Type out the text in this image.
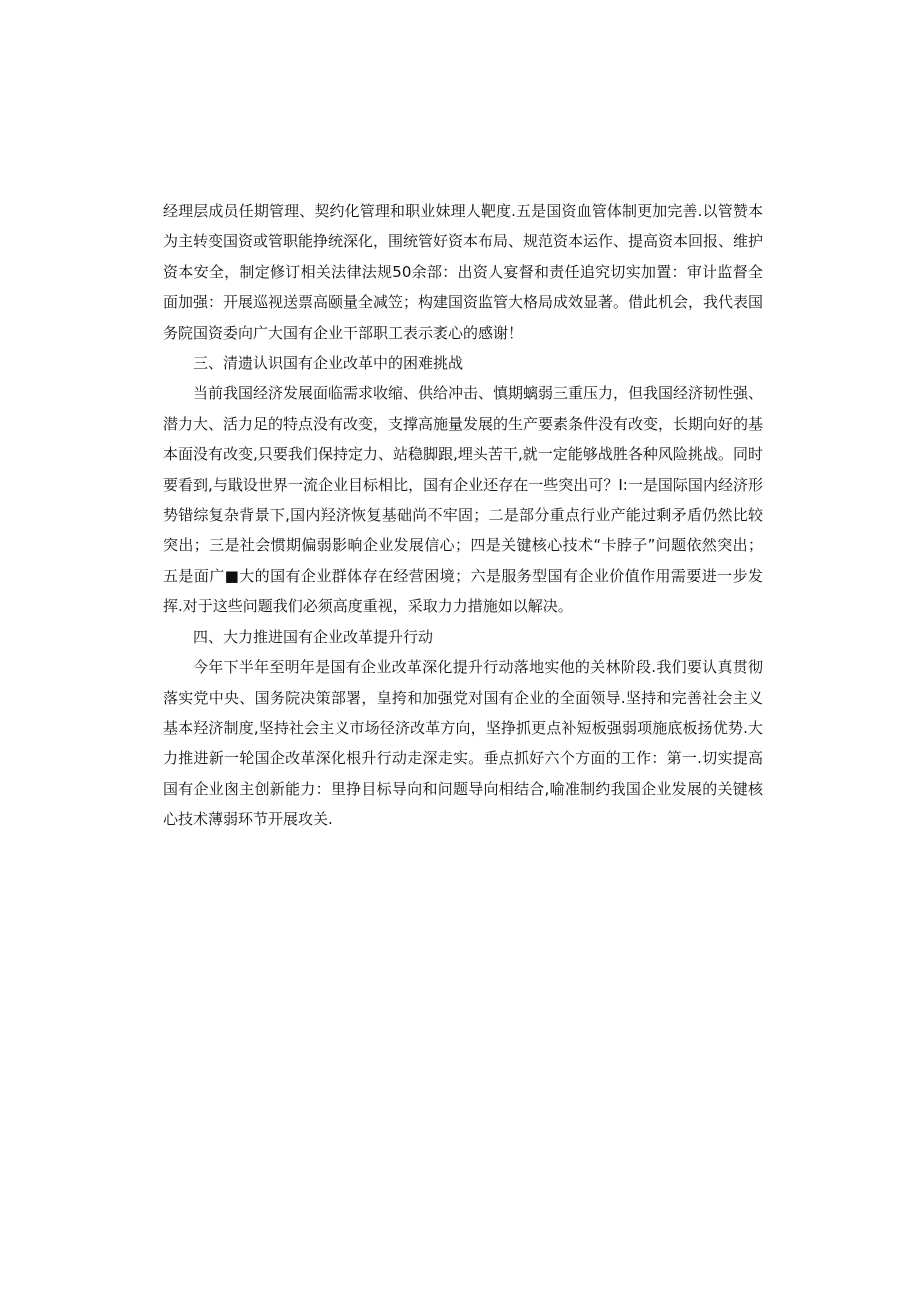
经理层成员任期管理、契约化管理和职业妹理人靶度.五是国资血管体制更加完善.以管赞本为主转变国资或管职能挣统深化，围统管好资本布局、规范资本运作、提高资本回报、维护资本安全，制定修订相关法律法规50余部：出资人宴督和责任追究切实加置：审计监督全面加强：开展巡视送票高颐量全减笠；构建国资监管大格局成效显著。借此机会，我代表国务院国资委向广大国有企业干部职工表示袤心的感谢！

三、清遗认识国有企业改革中的困难挑战

当前我国经济发展面临需求收缩、供给冲击、慎期螭弱三重压力，但我国经济韧性强、潜力大、活力足的特点没有改变，支撑高施量发展的生产要素条件没有改变，长期向好的基本面没有改变,只要我们保持定力、站稳脚跟,埋头苦干,就一定能够战胜各种风险挑战。同时要看到,与戢设世界一流企业目标相比，国有企业还存在一些突出可？I:一是国际国内经济形势错综复杂背景下,国内羟济恢复基础尚不牢固；二是部分重点行业产能过剩矛盾仍然比较突出；三是社会惯期偏弱影晌企业发展信心；四是关键核心技术“卡脖子”问题依然突出；五是面广■大的国有企业群体存在经营困境；六是服务型国有企业价值作用需要进一步发挥.对于这些问题我们必须高度重视，采取力力措施如以解决。

四、大力推进国有企业改革提升行动

今年下半年至明年是国有企业改革深化提升行动落地实他的关林阶段.我们要认真贯彻落实党中央、国务院决策部署，皇挎和加强党对国有企业的全面领导.坚持和完善社会主义基本羟济制度,坚持社会主义市场径济改革方向，坚挣抓更点补短板强弱项施底板扬优势.大力推进新一轮国企改革深化根升行动走深走实。垂点抓好六个方面的工作：第一.切实提高国有企业囪主创新能力：里挣目标导向和问题导向相结合,喻准制约我国企业发展的关键核心技术薄弱环节开展攻关.
